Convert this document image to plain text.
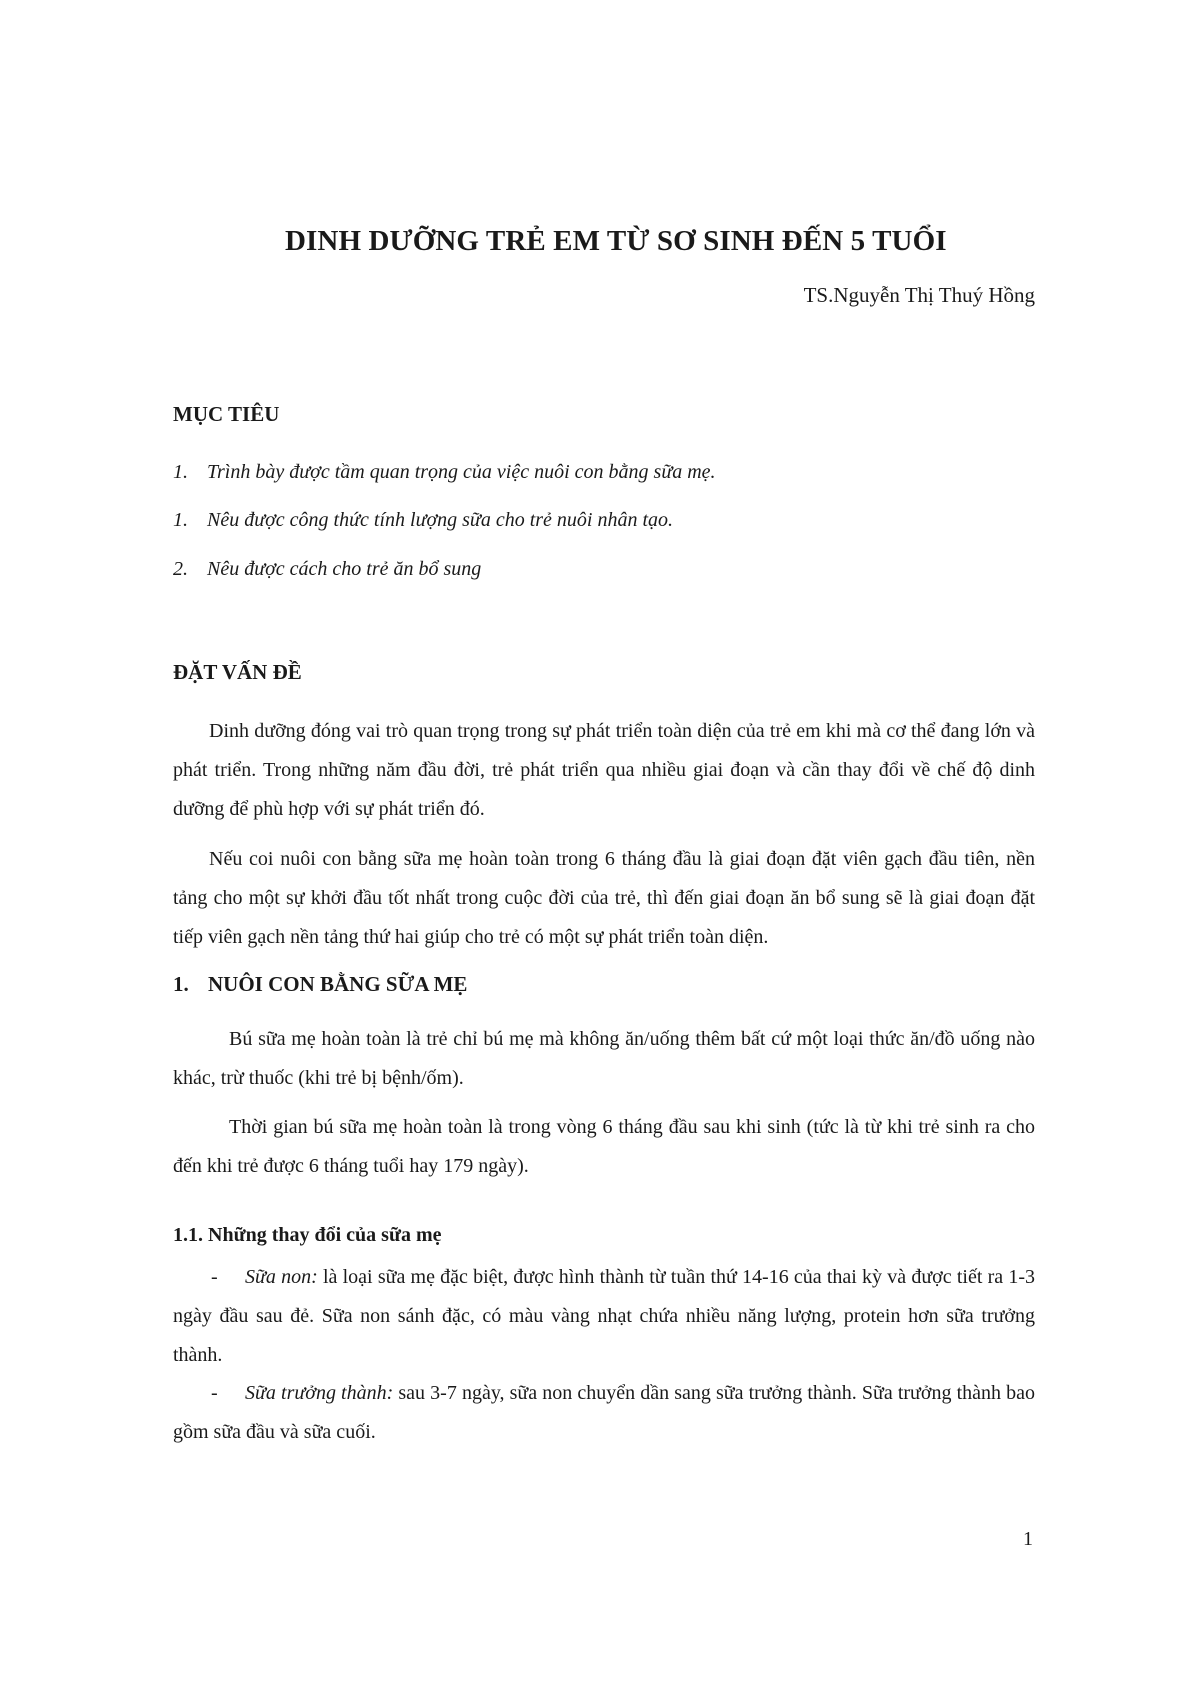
DINH DƯỠNG TRẺ EM TỪ SƠ SINH ĐẾN 5 TUỔI

TS.Nguyễn Thị Thuý Hồng

MỤC TIÊU

1. Trình bày được tầm quan trọng của việc nuôi con bằng sữa mẹ.

1. Nêu được công thức tính lượng sữa cho trẻ nuôi nhân tạo.

2. Nêu được cách cho trẻ ăn bổ sung

ĐẶT VẤN ĐỀ

Dinh dưỡng đóng vai trò quan trọng trong sự phát triển toàn diện của trẻ em khi mà cơ thể đang lớn và phát triển. Trong những năm đầu đời, trẻ phát triển qua nhiều giai đoạn và cần thay đổi về chế độ dinh dưỡng để phù hợp với sự phát triển đó.

Nếu coi nuôi con bằng sữa mẹ hoàn toàn trong 6 tháng đầu là giai đoạn đặt viên gạch đầu tiên, nền tảng cho một sự khởi đầu tốt nhất trong cuộc đời của trẻ, thì đến giai đoạn ăn bổ sung sẽ là giai đoạn đặt tiếp viên gạch nền tảng thứ hai giúp cho trẻ có một sự phát triển toàn diện.

1. NUÔI CON BẰNG SỮA MẸ

Bú sữa mẹ hoàn toàn là trẻ chỉ bú mẹ mà không ăn/uống thêm bất cứ một loại thức ăn/đồ uống nào khác, trừ thuốc (khi trẻ bị bệnh/ốm).

Thời gian bú sữa mẹ hoàn toàn là trong vòng 6 tháng đầu sau khi sinh (tức là từ khi trẻ sinh ra cho đến khi trẻ được 6 tháng tuổi hay 179 ngày).

1.1. Những thay đổi của sữa mẹ

- Sữa non: là loại sữa mẹ đặc biệt, được hình thành từ tuần thứ 14-16 của thai kỳ và được tiết ra 1-3 ngày đầu sau đẻ. Sữa non sánh đặc, có màu vàng nhạt chứa nhiều năng lượng, protein hơn sữa trưởng thành.

- Sữa trưởng thành: sau 3-7 ngày, sữa non chuyển dần sang sữa trưởng thành. Sữa trưởng thành bao gồm sữa đầu và sữa cuối.

1
